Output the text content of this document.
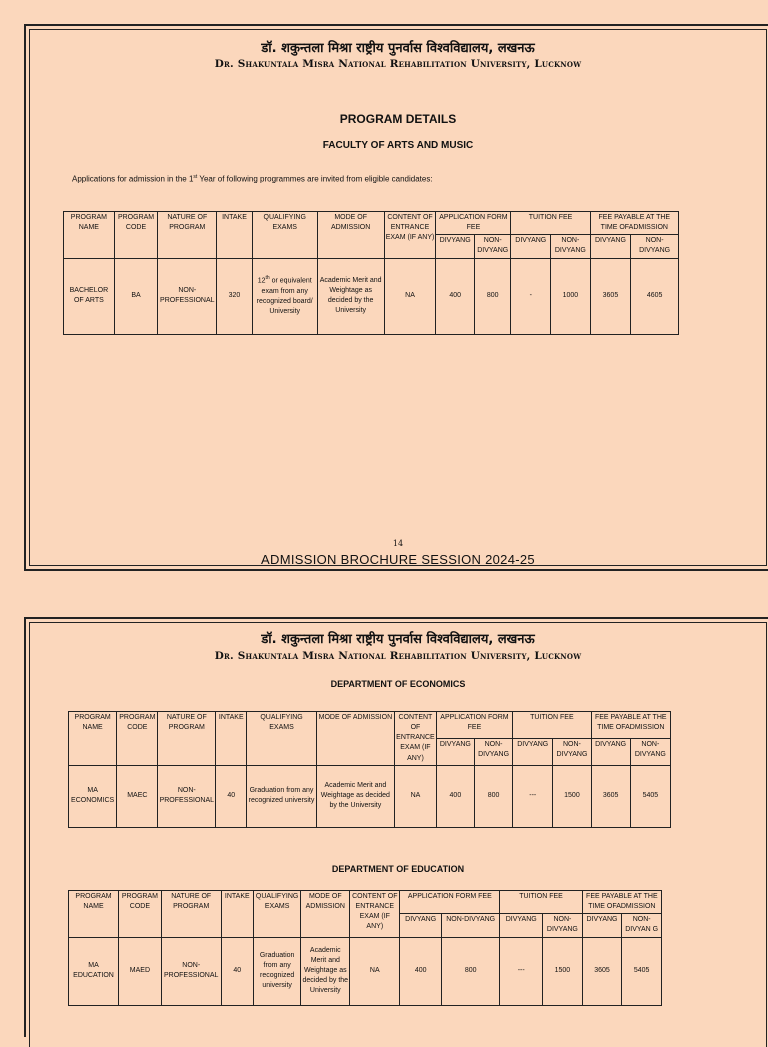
डॉ. शकुन्तला मिश्रा राष्ट्रीय पुनर्वास विश्वविद्यालय, लखनऊ
Dr. Shakuntala Misra National Rehabilitation University, Lucknow
PROGRAM DETAILS
FACULTY OF ARTS AND MUSIC
Applications for admission in the 1st Year of following programmes are invited from eligible candidates:
PROGRAM NAME	PROGRAM CODE	NATURE OF PROGRAM	INTAKE	QUALIFYING EXAMS	MODE OF ADMISSION	CONTENT OF ENTRANCE EXAM (IF ANY)	APPLICATION FORM FEE		TUITION FEE		FEE PAYABLE AT THE TIME OFADMISSION	
							DIVYANG	NON-DIVYANG	DIVYANG	NON-DIVYANG	DIVYANG	NON-DIVYANG
BACHELOR OF ARTS	BA	NON-PROFESSIONAL	320	12th or equivalent exam from any recognized board/ University	Academic Merit and Weightage as decided by the University	NA	400	800	-	1000	3605	4605
14
ADMISSION BROCHURE SESSION 2024-25
डॉ. शकुन्तला मिश्रा राष्ट्रीय पुनर्वास विश्वविद्यालय, लखनऊ
Dr. Shakuntala Misra National Rehabilitation University, Lucknow
DEPARTMENT OF ECONOMICS
PROGRAM NAME	PROGRAM CODE	NATURE OF PROGRAM	INTAKE	QUALIFYING EXAMS	MODE OF ADMISSION	CONTENT OF ENTRANCE EXAM (IF ANY)	APPLICATION FORM FEE		TUITION FEE		FEE PAYABLE AT THE TIME OFADMISSION	
							DIVYANG	NON-DIVYANG	DIVYANG	NON-DIVYANG	DIVYANG	NON-DIVYANG
MA ECONOMICS	MAEC	NON-PROFESSIONAL	40	Graduation from any recognized university	Academic Merit and Weightage as decided by the University	NA	400	800	---	1500	3605	5405
DEPARTMENT OF EDUCATION
PROGRAM NAME	PROGRAM CODE	NATURE OF PROGRAM	INTAKE	QUALIFYING EXAMS	MODE OF ADMISSION	CONTENT OF ENTRANCE EXAM (IF ANY)	APPLICATION FORM FEE		TUITION FEE		FEE PAYABLE AT THE TIME OFADMISSION	
							DIVYANG	NON-DIVYANG	DIVYANG	NON-DIVYANG	DIVYANG	NON-DIVYAN G
MA EDUCATION	MAED	NON-PROFESSIONAL	40	Graduation from any recognized university	Academic Merit and Weightage as decided by the University	NA	400	800	---	1500	3605	5405
